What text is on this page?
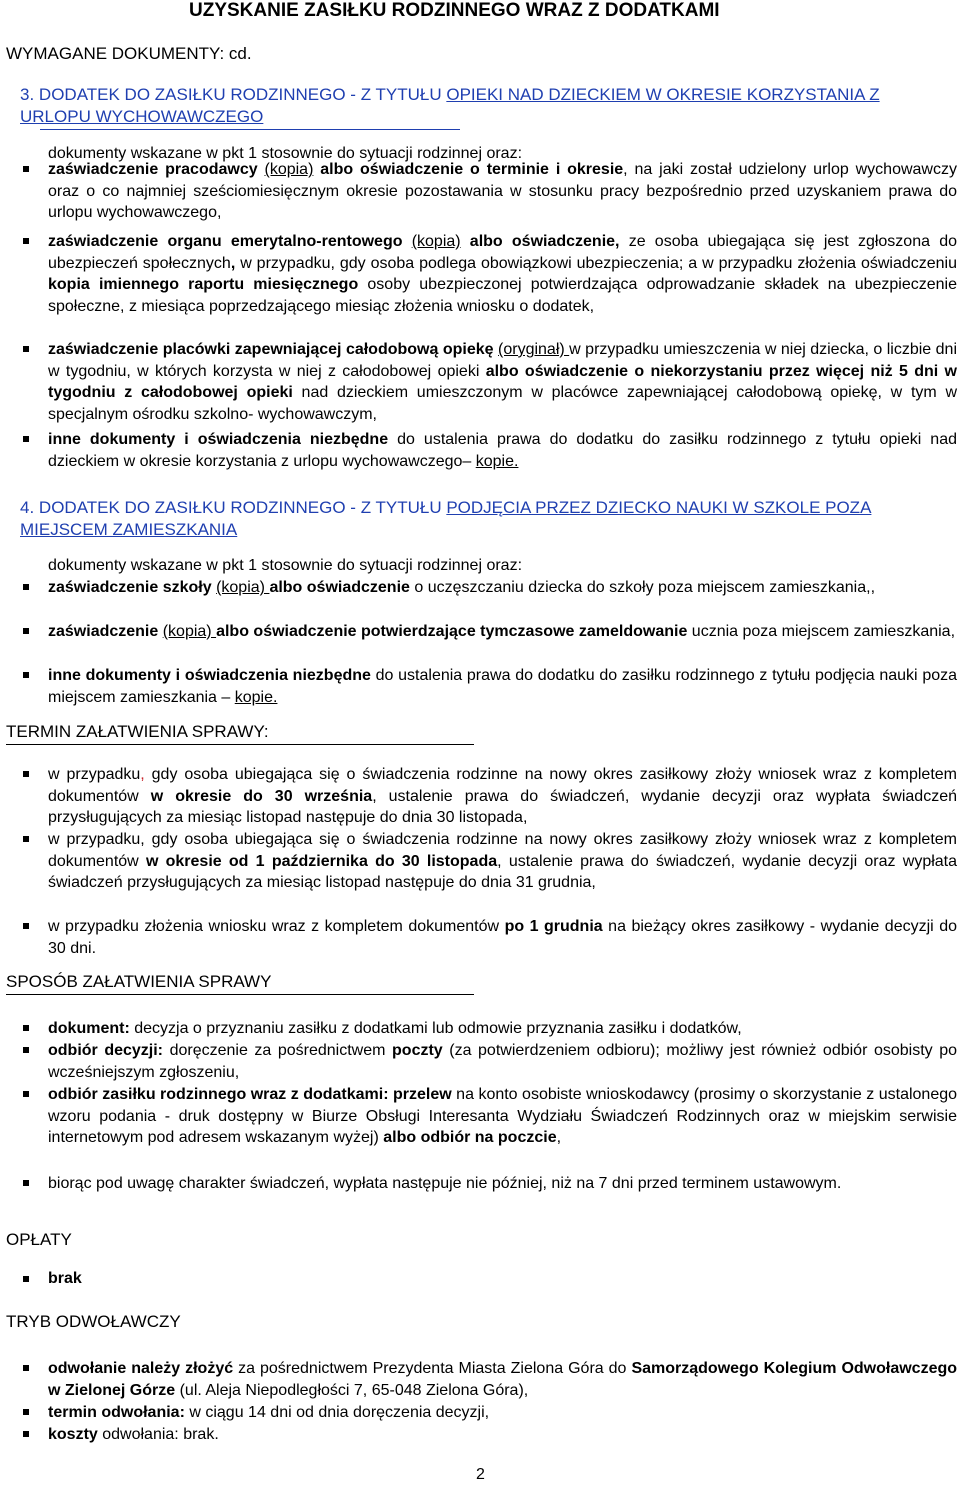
UZYSKANIE ZASIŁKU RODZINNEGO WRAZ Z DODATKAMI
WYMAGANE DOKUMENTY: cd.
3. DODATEK DO ZASIŁKU RODZINNEGO - Z TYTUŁU OPIEKI NAD DZIECKIEM W OKRESIE KORZYSTANIA Z URLOPU WYCHOWAWCZEGO
dokumenty wskazane w pkt 1 stosownie do sytuacji rodzinnej oraz:
zaświadczenie pracodawcy (kopia) albo oświadczenie o terminie i okresie, na jaki został udzielony urlop wychowawczy oraz o co najmniej sześciomiesięcznym okresie pozostawania w stosunku pracy bezpośrednio przed uzyskaniem prawa do urlopu wychowawczego,
zaświadczenie organu emerytalno-rentowego (kopia) albo oświadczenie, ze osoba ubiegająca się jest zgłoszona do ubezpieczeń społecznych, w przypadku, gdy osoba podlega obowiązkowi ubezpieczenia; a w przypadku złożenia oświadczeniu kopia imiennego raportu miesięcznego osoby ubezpieczonej potwierdzająca odprowadzanie składek na ubezpieczenie społeczne, z miesiąca poprzedzającego miesiąc złożenia wniosku o dodatek,
zaświadczenie placówki zapewniającej całodobową opiekę (oryginał) w przypadku umieszczenia w niej dziecka, o liczbie dni w tygodniu, w których korzysta w niej z całodobowej opieki albo oświadczenie o niekorzystaniu przez więcej niż 5 dni w tygodniu z całodobowej opieki nad dzieckiem umieszczonym w placówce zapewniającej całodobową opiekę, w tym w specjalnym ośrodku szkolno- wychowawczym,
inne dokumenty i oświadczenia niezbędne do ustalenia prawa do dodatku do zasiłku rodzinnego z tytułu opieki nad dzieckiem w okresie korzystania z urlopu wychowawczego– kopie.
4. DODATEK DO ZASIŁKU RODZINNEGO - Z TYTUŁU PODJĘCIA PRZEZ DZIECKO NAUKI W SZKOLE POZA MIEJSCEM ZAMIESZKANIA
dokumenty wskazane w pkt 1 stosownie do sytuacji rodzinnej oraz:
zaświadczenie szkoły (kopia) albo oświadczenie o uczęszczaniu dziecka do szkoły poza miejscem zamieszkania,,
zaświadczenie (kopia) albo oświadczenie potwierdzające tymczasowe zameldowanie ucznia poza miejscem zamieszkania,
inne dokumenty i oświadczenia niezbędne do ustalenia prawa do dodatku do zasiłku rodzinnego z tytułu podjęcia nauki poza miejscem zamieszkania – kopie.
TERMIN ZAŁATWIENIA SPRAWY:
w przypadku, gdy osoba ubiegająca się o świadczenia rodzinne na nowy okres zasiłkowy złoży wniosek wraz z kompletem dokumentów w okresie do 30 września, ustalenie prawa do świadczeń, wydanie decyzji oraz wypłata świadczeń przysługujących za miesiąc listopad następuje do dnia 30 listopada,
w przypadku, gdy osoba ubiegająca się o świadczenia rodzinne na nowy okres zasiłkowy złoży wniosek wraz z kompletem dokumentów w okresie od 1 października do 30 listopada, ustalenie prawa do świadczeń, wydanie decyzji oraz wypłata świadczeń przysługujących za miesiąc listopad następuje do dnia 31 grudnia,
w przypadku złożenia wniosku wraz z kompletem dokumentów po 1 grudnia na bieżący okres zasiłkowy - wydanie decyzji do 30 dni.
SPOSÓB ZAŁATWIENIA SPRAWY
dokument: decyzja o przyznaniu zasiłku z dodatkami lub odmowie przyznania zasiłku i dodatków,
odbiór decyzji: doręczenie za pośrednictwem poczty (za potwierdzeniem odbioru); możliwy jest również odbiór osobisty po wcześniejszym zgłoszeniu,
odbiór zasiłku rodzinnego wraz z dodatkami: przelew na konto osobiste wnioskodawcy (prosimy o skorzystanie z ustalonego wzoru podania - druk dostępny w Biurze Obsługi Interesanta Wydziału Świadczeń Rodzinnych oraz w miejskim serwisie internetowym pod adresem wskazanym wyżej) albo odbiór na poczcie,
biorąc pod uwagę charakter świadczeń, wypłata następuje nie później, niż na 7 dni przed terminem ustawowym.
OPŁATY
brak
TRYB ODWOŁAWCZY
odwołanie należy złożyć za pośrednictwem Prezydenta Miasta Zielona Góra do Samorządowego Kolegium Odwoławczego w Zielonej Górze (ul. Aleja Niepodległości 7, 65-048 Zielona Góra),
termin odwołania: w ciągu 14 dni od dnia doręczenia decyzji,
koszty odwołania: brak.
2
